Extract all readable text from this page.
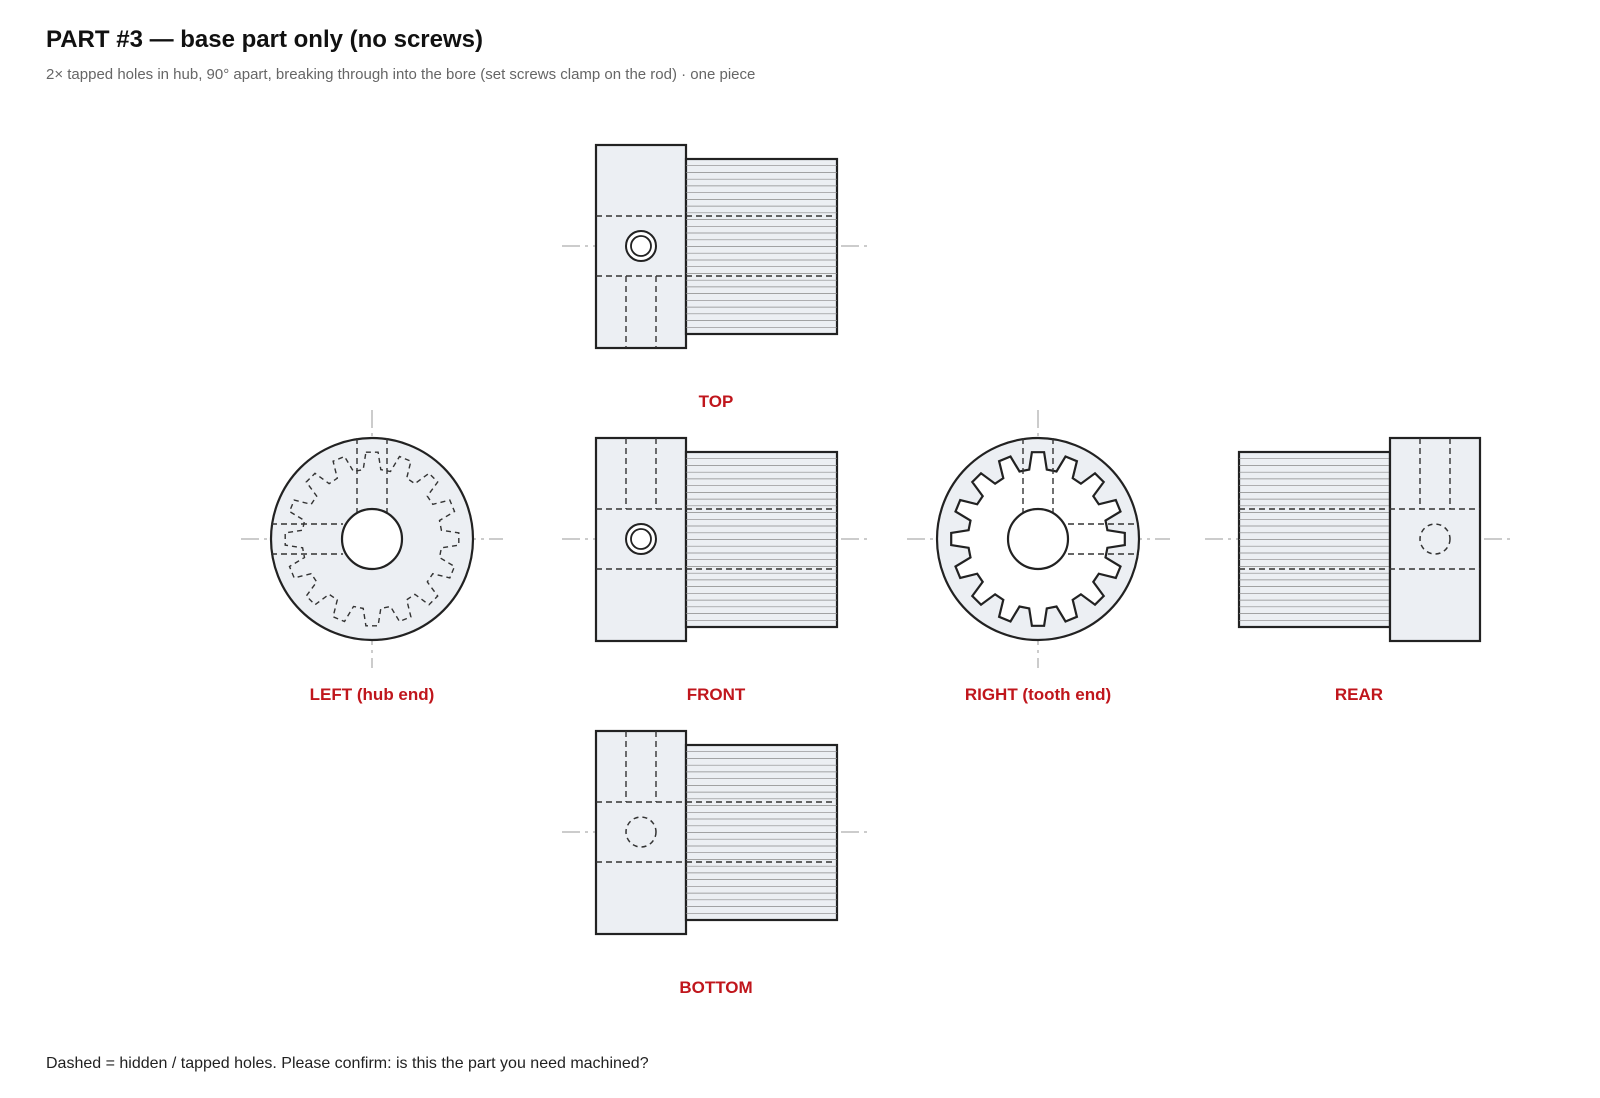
PART #3 — base part only (no screws)
2× tapped holes in hub, 90° apart, breaking through into the bore (set screws clamp on the rod) · one piece
TOP
FRONT
BOTTOM
REAR
LEFT (hub end)	RIGHT (tooth end)
Dashed = hidden / tapped holes. Please confirm: is this the part you need machined?
